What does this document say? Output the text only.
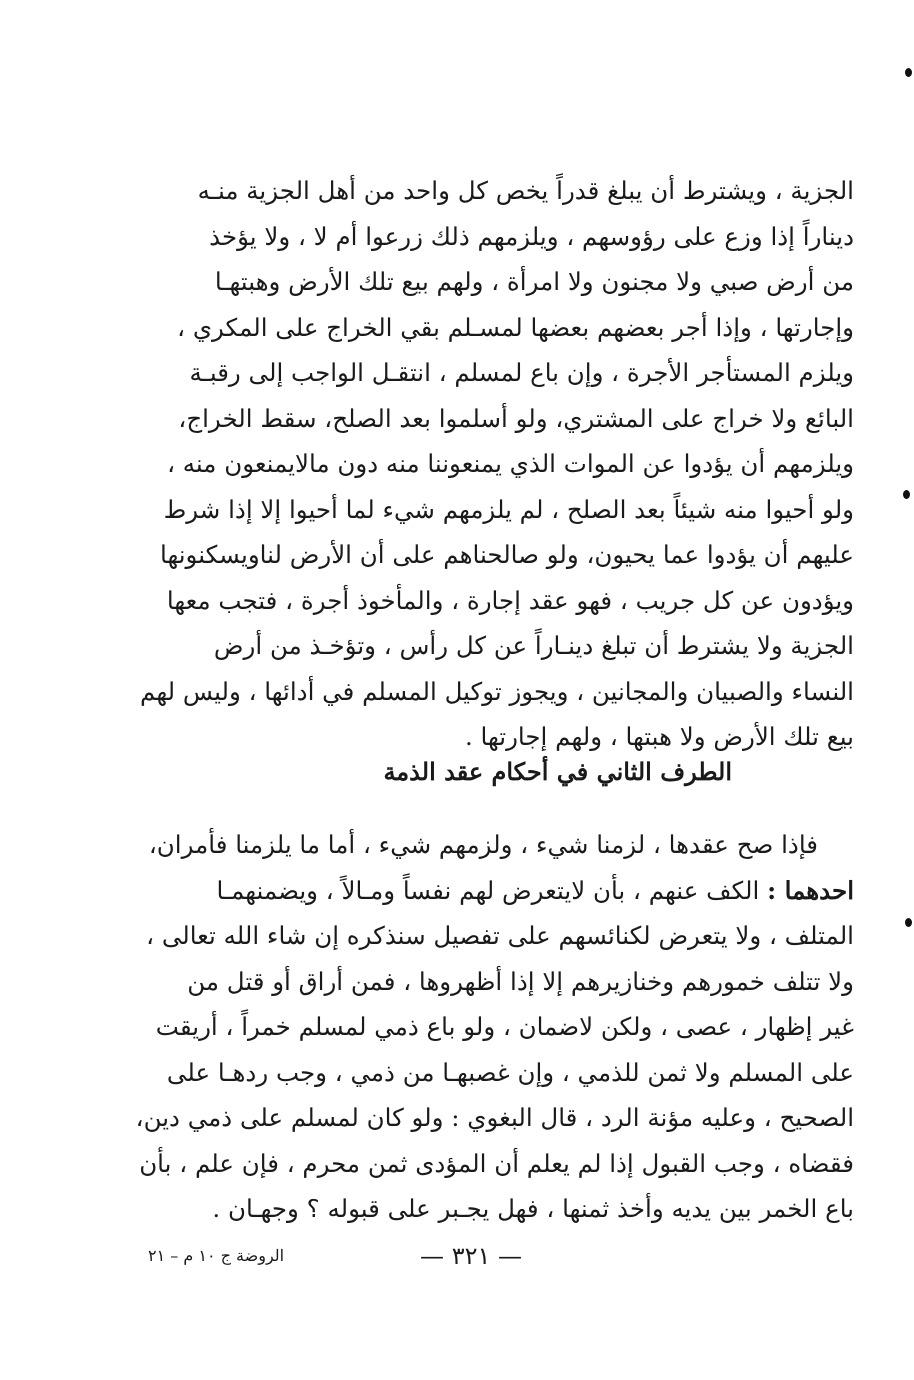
الجزية ، ويشترط أن يبلغ قدراً يخص كل واحد من أهل الجزية منـه
ديناراً إذا وزع على رؤوسهم ، ويلزمهم ذلك زرعوا أم لا ، ولا يؤخذ
من أرض صبي ولا مجنون ولا امرأة ، ولهم بيع تلك الأرض وهبتهـا
وإجارتها ، وإذا أجر بعضهم بعضها لمسـلم بقي الخراج على المكري ،
ويلزم المستأجر الأجرة ، وإن باع لمسلم ، انتقـل الواجب إلى رقبـة
البائع ولا خراج على المشتري، ولو أسلموا بعد الصلح، سقط الخراج،
ويلزمهم أن يؤدوا عن الموات الذي يمنعوننا منه دون مالايمنعون منه ،
ولو أحيوا منه شيئاً بعد الصلح ، لم يلزمهم شيء لما أحيوا إلا إذا شرط
عليهم أن يؤدوا عما يحيون، ولو صالحناهم على أن الأرض لناويسكنونها
ويؤدون عن كل جريب ، فهو عقد إجارة ، والمأخوذ أجرة ، فتجب معها
الجزية ولا يشترط أن تبلغ دينـاراً عن كل رأس ، وتؤخـذ من أرض
النساء والصبيان والمجانين ، ويجوز توكيل المسلم في أدائها ، وليس لهم
بيع تلك الأرض ولا هبتها ، ولهم إجارتها .
الطرف الثاني في أحكام عقد الذمة
فإذا صح عقدها ، لزمنا شيء ، ولزمهم شيء ، أما ما يلزمنا فأمران،
احدهما : الكف عنهم ، بأن لايتعرض لهم نفساً ومـالاً ، ويضمنهمـا
المتلف ، ولا يتعرض لكنائسهم على تفصيل سنذكره إن شاء الله تعالى ،
ولا تتلف خمورهم وخنازيرهم إلا إذا أظهروها ، فمن أراق أو قتل من
غير إظهار ، عصى ، ولكن لاضمان ، ولو باع ذمي لمسلم خمراً ، أريقت
على المسلم ولا ثمن للذمي ، وإن غصبهـا من ذمي ، وجب ردهـا على
الصحيح ، وعليه مؤنة الرد ، قال البغوي : ولو كان لمسلم على ذمي دين،
فقضاه ، وجب القبول إذا لم يعلم أن المؤدى ثمن محرم ، فإن علم ، بأن
باع الخمر بين يديه وأخذ ثمنها ، فهل يجـبر على قبوله ؟ وجهـان .
— ٣٢١ —
الروضة ج ١٠ م – ٢١
